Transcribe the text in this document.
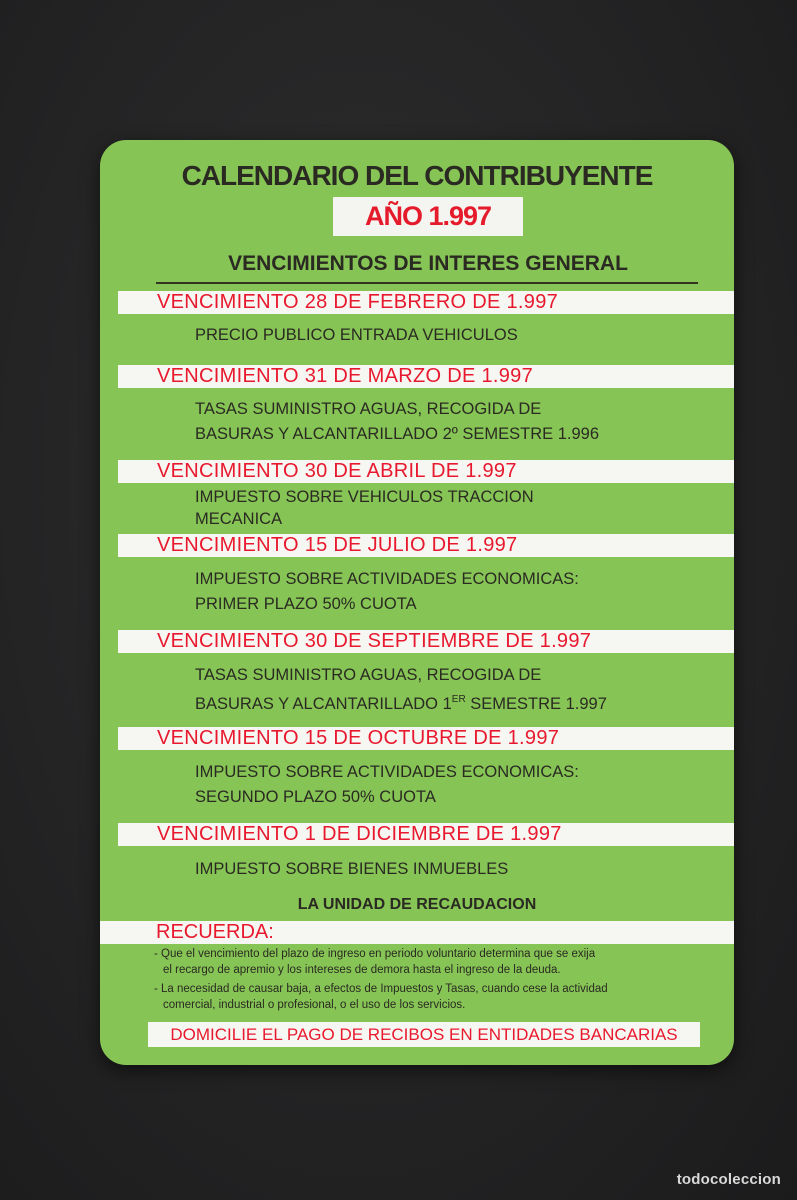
CALENDARIO DEL CONTRIBUYENTE
AÑO 1.997
VENCIMIENTOS DE INTERES GENERAL
VENCIMIENTO 28 DE FEBRERO DE 1.997
PRECIO PUBLICO ENTRADA VEHICULOS
VENCIMIENTO 31 DE MARZO DE 1.997
TASAS SUMINISTRO AGUAS, RECOGIDA DE
BASURAS Y ALCANTARILLADO 2º SEMESTRE 1.996
VENCIMIENTO 30 DE ABRIL DE 1.997
IMPUESTO SOBRE VEHICULOS TRACCION
MECANICA
VENCIMIENTO 15 DE JULIO DE 1.997
IMPUESTO SOBRE ACTIVIDADES ECONOMICAS:
PRIMER PLAZO 50% CUOTA
VENCIMIENTO 30 DE SEPTIEMBRE DE 1.997
TASAS SUMINISTRO AGUAS, RECOGIDA DE
BASURAS Y ALCANTARILLADO 1ER SEMESTRE 1.997
VENCIMIENTO 15 DE OCTUBRE DE 1.997
IMPUESTO SOBRE ACTIVIDADES ECONOMICAS:
SEGUNDO PLAZO 50% CUOTA
VENCIMIENTO 1 DE DICIEMBRE DE 1.997
IMPUESTO SOBRE BIENES INMUEBLES
LA UNIDAD DE RECAUDACION
RECUERDA:
- Que el vencimiento del plazo de ingreso en periodo voluntario determina que se exija
el recargo de apremio y los intereses de demora hasta el ingreso de la deuda.
- La necesidad de causar baja, a efectos de Impuestos y Tasas, cuando cese la actividad
comercial, industrial o profesional, o el uso de los servicios.
DOMICILIE EL PAGO DE RECIBOS EN ENTIDADES BANCARIAS
todocoleccion
